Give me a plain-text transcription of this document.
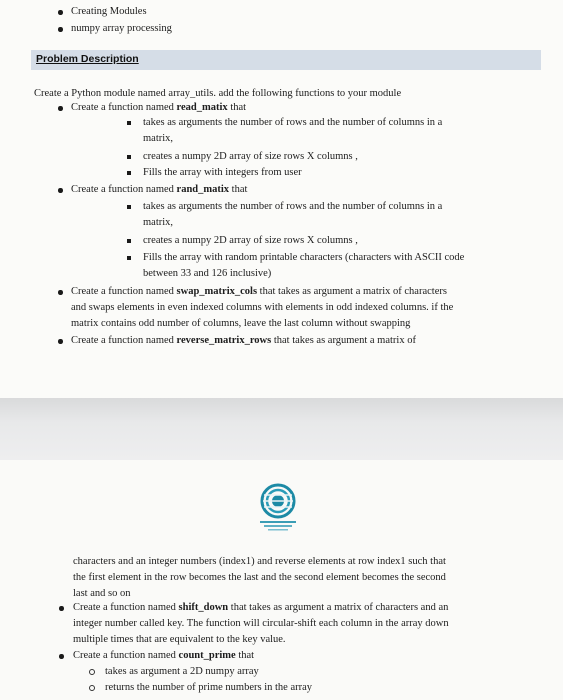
Creating Modules
numpy array processing
Problem Description
Create a Python module named array_utils. add the following functions to your module
Create a function named read_matix that
takes as arguments the number of rows and the number of columns in a
matrix,
creates a numpy 2D array of size rows X columns ,
Fills the array with integers from user
Create a function named rand_matix that
takes as arguments the number of rows and the number of columns in a
matrix,
creates a numpy 2D array of size rows X columns ,
Fills the array with random printable characters (characters with ASCII code
between 33 and 126 inclusive)
Create a function named swap_matrix_cols that takes as argument a matrix of characters
and swaps elements in even indexed columns with elements in odd indexed columns. if the
matrix contains odd number of columns, leave the last column without swapping
Create a function named reverse_matrix_rows that takes as argument a matrix of
characters and an integer numbers (index1) and reverse elements at row index1 such that
the first element in the row becomes the last and the second element becomes the second
last and so on
Create a function named shift_down that takes as argument a matrix of characters and an
integer number called key. The function will circular-shift each column in the array down
multiple times that are equivalent to the key value.
Create a function named count_prime that
takes as argument a 2D numpy array
returns the number of prime numbers in the array
